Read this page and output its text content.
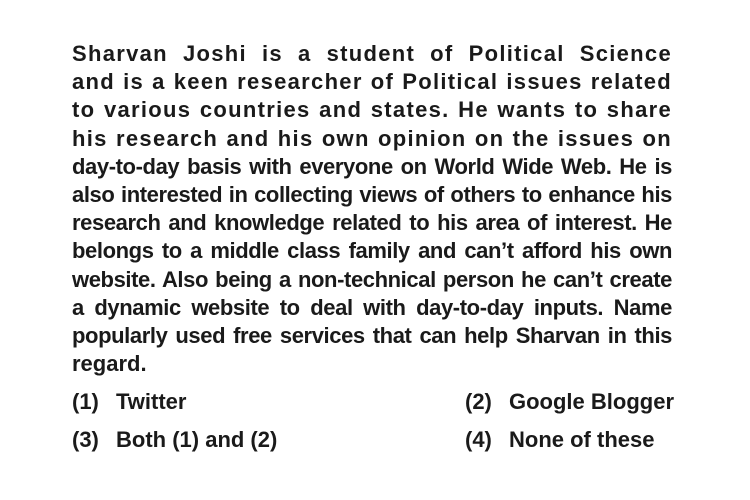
Sharvan Joshi is a student of Political Science
and is a keen researcher of Political issues related
to various countries and states. He wants to share
his research and his own opinion on the issues on
day-to-day basis with everyone on World Wide Web. He is
also interested in collecting views of others to enhance his
research and knowledge related to his area of interest. He
belongs to a middle class family and can’t afford his own
website. Also being a non-technical person he can’t create
a dynamic website to deal with day-to-day inputs. Name
popularly used free services that can help Sharvan in this
regard.
(1) Twitter	(2) Google Blogger
(3) Both (1) and (2)	(4) None of these
